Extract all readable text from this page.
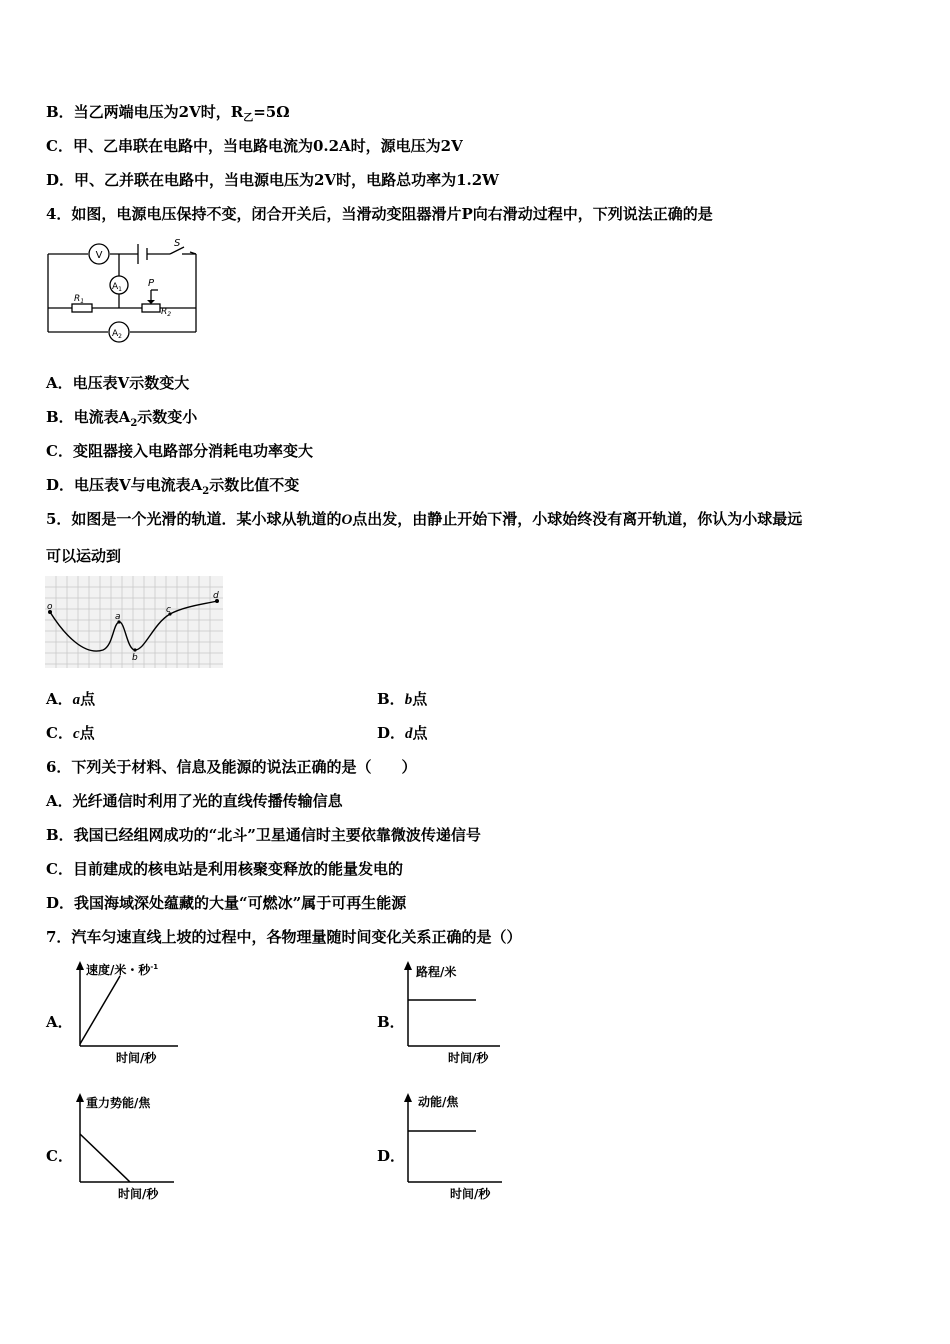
B．当乙两端电压为2V时，$R_乙=5\Omega$
C．甲、乙串联在电路中，当电路电流为0.2A时，源电压为2V
D．甲、乙并联在电路中，当电源电压为2V时，电路总功率为1.2W
4．如图，电源电压保持不变，闭合开关后，当滑动变阻器滑片P向右滑动过程中，下列说法正确的是
V
$A_1$
$A_2$
S
P
$R_1$
$R_2$
A．电压表V示数变大
B．电流表$A_2$示数变小
C．变阻器接入电路部分消耗电功率变大
D．电压表V与电流表$A_2$示数比值不变
5．如图是一个光滑的轨道．某小球从轨道的O点出发，由静止开始下滑，小球始终没有离开轨道，你认为小球最远
可以运动到
o
a
b
c
d
A．a点	B．b点
C．c点	D．d点
6．下列关于材料、信息及能源的说法正确的是（　　）
A．光纤通信时利用了光的直线传播传输信息
B．我国已经组网成功的“北斗”卫星通信时主要依靠微波传递信号
C．目前建成的核电站是利用核聚变释放的能量发电的
D．我国海域深处蕴藏的大量“可燃冰”属于可再生能源
7．汽车匀速直线上坡的过程中，各物理量随时间变化关系正确的是（）
A．
速度/米・秒$^{-1}$
时间/秒
B．
路程/米
时间/秒
C．
重力势能/焦
时间/秒
D．
动能/焦
时间/秒
